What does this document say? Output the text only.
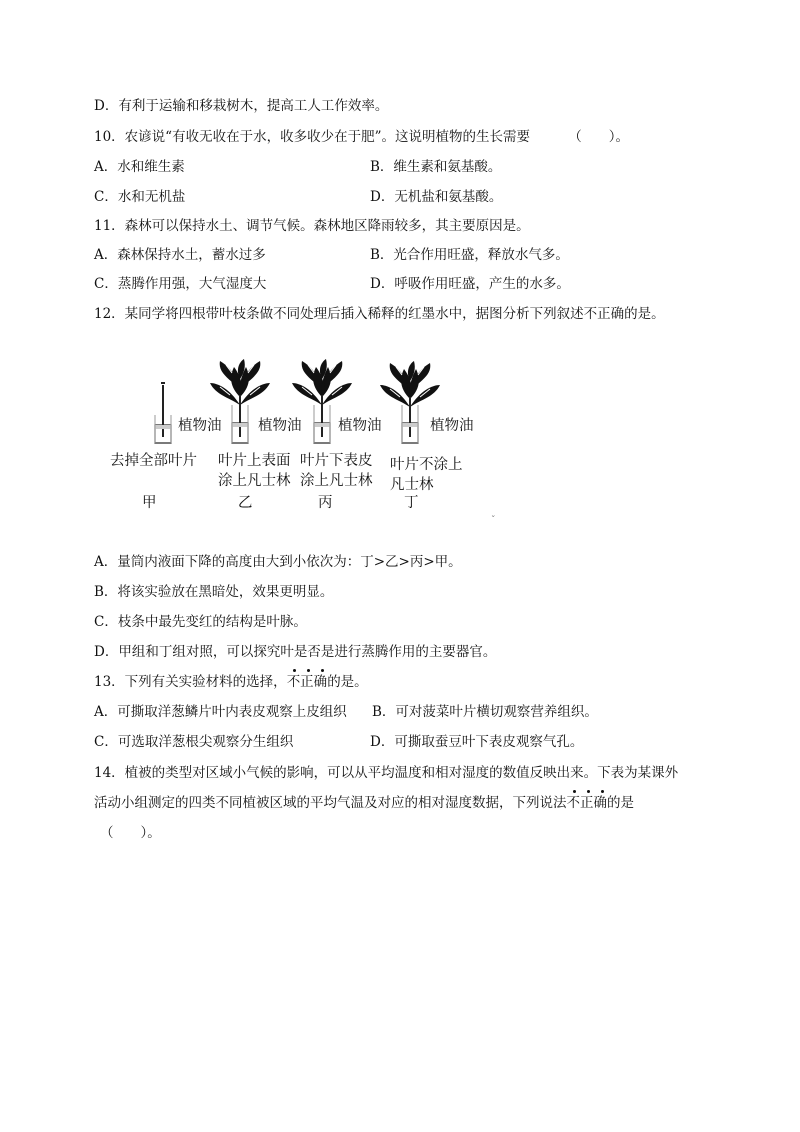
D．有利于运输和移栽树木，提高工人工作效率。
10．农谚说“有收无收在于水，收多收少在于肥”。这说明植物的生长需要	（　　）。
A．水和维生素	B．维生素和氨基酸。
C．水和无机盐	D．无机盐和氨基酸。
11．森林可以保持水土、调节气候。森林地区降雨较多，其主要原因是。
A．森林保持水土，蓄水过多	B．光合作用旺盛，释放水气多。
C．蒸腾作用强，大气湿度大	D．呼吸作用旺盛，产生的水多。
12．某同学将四根带叶枝条做不同处理后插入稀释的红墨水中，据图分析下列叙述不正确的是。
植物油	植物油	植物油	植物油
去掉全部叶片
甲
叶片上表面
涂上凡士林
乙
叶片下表皮
涂上凡士林
丙
叶片不涂上
凡士林
丁
ˇ
A．量筒内液面下降的高度由大到小依次为：丁>乙>丙>甲。
B．将该实验放在黑暗处，效果更明显。
C．枝条中最先变红的结构是叶脉。
D．甲组和丁组对照，可以探究叶是否是进行蒸腾作用的主要器官。
13．下列有关实验材料的选择，不正确
的是。
A．可撕取洋葱鳞片叶内表皮观察上皮组织 B．可对菠菜叶片横切观察营养组织。
C．可选取洋葱根尖观察分生组织	D．可撕取蚕豆叶下表皮观察气孔。
14．植被的类型对区域小气候的影响，可以从平均温度和相对湿度的数值反映出来。下表为某课外
活动小组测定的四类不同植被区域的平均气温及对应的相对湿度数据，下列说法不正确
的是
（　　）。
